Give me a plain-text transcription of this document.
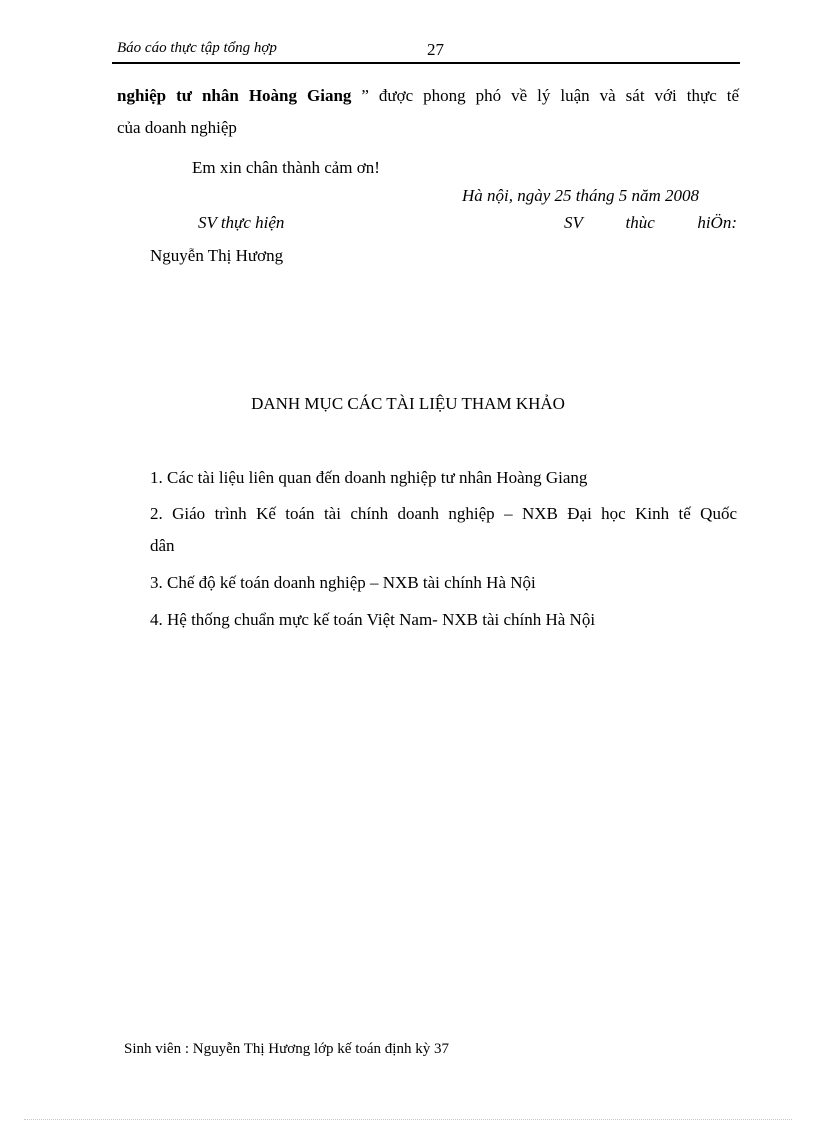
Báo cáo thực tập tổng hợp	27
nghiệp tư nhân Hoàng Giang ” được phong phó về lý luận và sát với thực tế
của doanh nghiệp
Em xin chân thành cảm ơn!
Hà nội, ngày 25 tháng 5 năm 2008
SV thực hiện	SV	thùc	hiÖn:
Nguyễn Thị Hương
DANH MỤC CÁC TÀI LIỆU THAM KHẢO
1. Các tài liệu liên quan đến doanh nghiệp tư nhân Hoàng Giang
2. Giáo trình Kế toán tài chính doanh nghiệp – NXB Đại học Kinh tế Quốc
dân
3. Chế độ kế toán doanh nghiệp – NXB tài chính Hà Nội
4. Hệ thống chuẩn mực kế toán Việt Nam- NXB tài chính Hà Nội
Sinh viên : Nguyễn Thị Hương lớp kế toán định kỳ 37
